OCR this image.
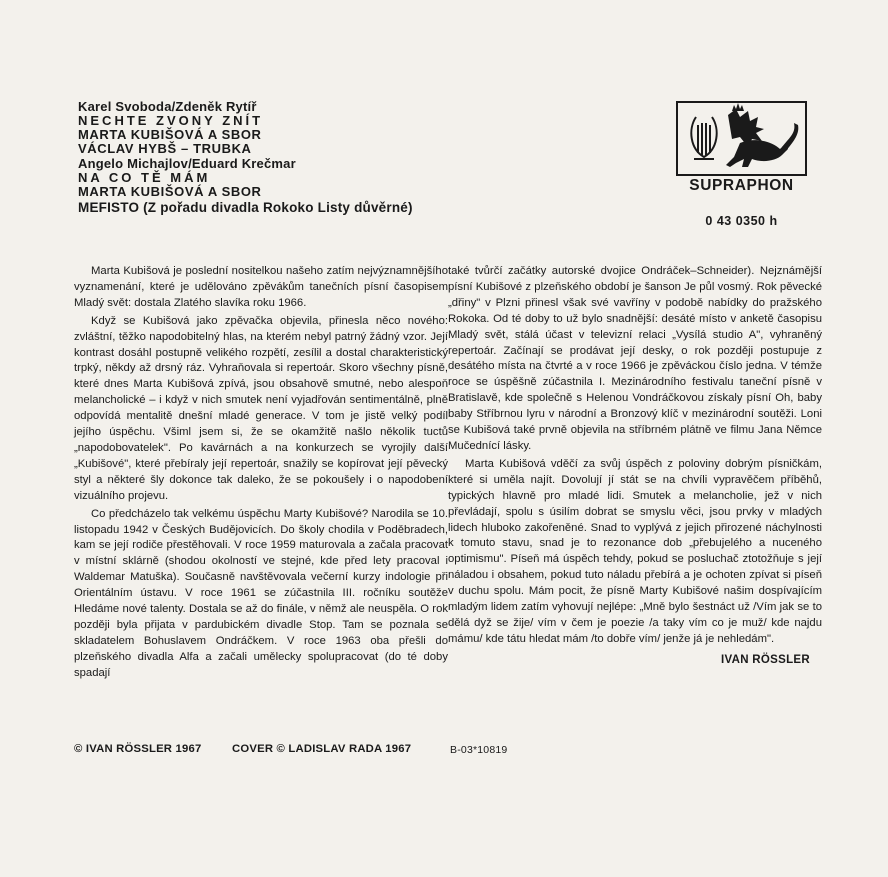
Karel Svoboda/Zdeněk Rytíř
NECHTE ZVONY ZNÍT
MARTA KUBIŠOVÁ A SBOR
VÁCLAV HYBŠ – TRUBKA
Angelo Michajlov/Eduard Krečmar
NA CO TĚ MÁM
MARTA KUBIŠOVÁ A SBOR
MEFISTO (Z pořadu divadla Rokoko Listy důvěrné)
SUPRAPHON
0 43 0350 h

Marta Kubišová je poslední nositelkou našeho zatím nejvýznamnějšího vyznamenání, které je udělováno zpěvákům tanečních písní časopisem Mladý svět: dostala Zlatého slavíka roku 1966.

Když se Kubišová jako zpěvačka objevila, přinesla něco nového: zvláštní, těžko napodobitelný hlas, na kterém nebyl patrný žádný vzor. Její kontrast dosáhl postupně velikého rozpětí, zesílil a dostal charakteristický trpký, někdy až drsný ráz. Vyhraňovala si repertoár. Skoro všechny písně, které dnes Marta Kubišová zpívá, jsou obsahově smutné, nebo alespoň melancholické – i když v nich smutek není vyjadřován sentimentálně, plně odpovídá mentalitě dnešní mladé generace. V tom je jistě velký podíl jejího úspěchu. Všiml jsem si, že se okamžitě našlo několik tuctů „napodobovatelek". Po kavárnách a na konkurzech se vyrojily další „Kubišové", které přebíraly její repertoár, snažily se kopírovat její pěvecký styl a některé šly dokonce tak daleko, že se pokoušely i o napodobení vizuálního projevu.

Co předcházelo tak velkému úspěchu Marty Kubišové? Narodila se 10. listopadu 1942 v Českých Budějovicích. Do školy chodila v Poděbradech, kam se její rodiče přestěhovali. V roce 1959 maturovala a začala pracovat v místní sklárně (shodou okolností ve stejné, kde před lety pracoval i Waldemar Matuška). Současně navštěvovala večerní kurzy indologie při Orientálním ústavu. V roce 1961 se zúčastnila III. ročníku soutěže Hledáme nové talenty. Dostala se až do finále, v němž ale neuspěla. O rok později byla přijata v pardubickém divadle Stop. Tam se poznala se skladatelem Bohuslavem Ondráčkem. V roce 1963 oba přešli do plzeňského divadla Alfa a začali umělecky spolupracovat (do té doby spadají

také tvůrčí začátky autorské dvojice Ondráček–Schneider). Nejznámější písní Kubišové z plzeňského období je šanson Je půl vosmý. Rok pěvecké „dřiny" v Plzni přinesl však své vavříny v podobě nabídky do pražského Rokoka. Od té doby to už bylo snadnější: desáté místo v anketě časopisu Mladý svět, stálá účast v televizní relaci „Vysílá studio A", vyhraněný repertoár. Začínají se prodávat její desky, o rok později postupuje z desátého místa na čtvrté a v roce 1966 je zpěváckou číslo jedna. V témže roce se úspěšně zúčastnila I. Mezinárodního festivalu taneční písně v Bratislavě, kde společně s Helenou Vondráčkovou získaly písní Oh, baby baby Stříbrnou lyru v národní a Bronzový klíč v mezinárodní soutěži. Loni se Kubišová také prvně objevila na stříbrném plátně ve filmu Jana Němce Mučednící lásky.

Marta Kubišová vděčí za svůj úspěch z poloviny dobrým písničkám, které si uměla najít. Dovolují jí stát se na chvíli vypravěčem příběhů, typických hlavně pro mladé lidi. Smutek a melancholie, jež v nich převládají, spolu s úsilím dobrat se smyslu věci, jsou prvky v mladých lidech hluboko zakořeněné. Snad to vyplývá z jejich přirozené náchylnosti k tomuto stavu, snad je to rezonance dob „přebujelého a nuceného optimismu". Píseň má úspěch tehdy, pokud se posluchač ztotožňuje s její náladou i obsahem, pokud tuto náladu přebírá a je ochoten zpívat si píseň v duchu spolu. Mám pocit, že písně Marty Kubišové našim dospívajícím mladým lidem zatím vyhovují nejlépe: „Mně bylo šestnáct už /Vím jak se to dělá dyž se žije/ vím v čem je poezie /a taky vím co je muž/ kde najdu mámu/ kde tátu hledat mám /to dobře vím/ jenže já je nehledám".

IVAN RÖSSLER
© IVAN RÖSSLER 1967	COVER © LADISLAV RADA 1967	B-03*10819
